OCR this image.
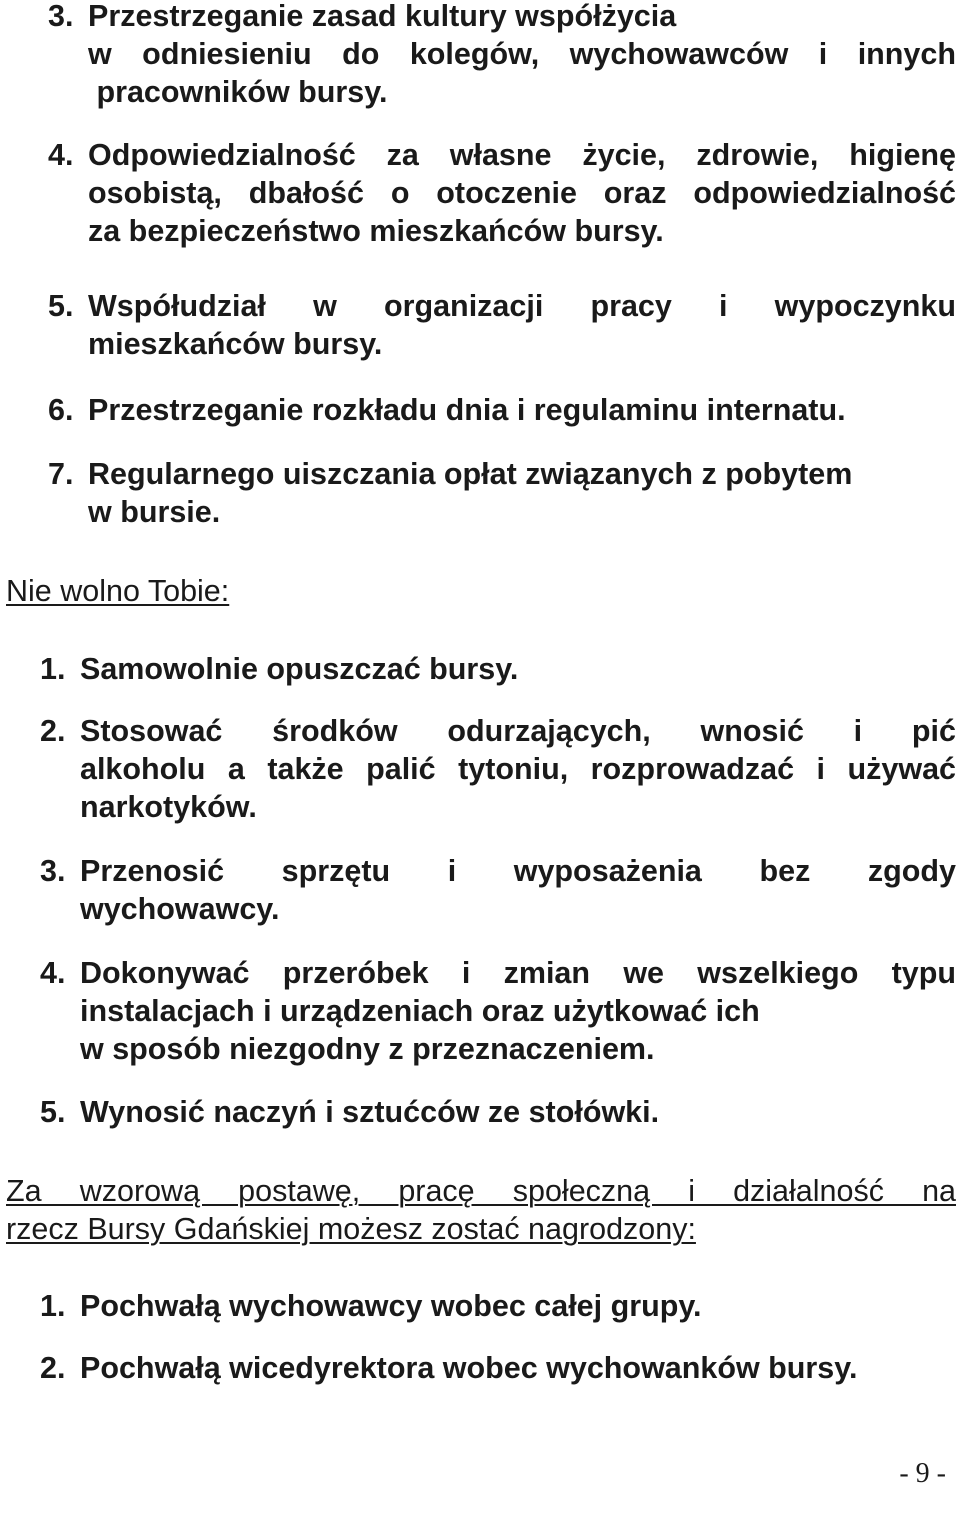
3. Przestrzeganie zasad kultury współżycia
w odniesieniu do kolegów, wychowawców i innych
pracowników bursy.
4. Odpowiedzialność za własne życie, zdrowie, higienę
osobistą, dbałość o otoczenie oraz odpowiedzialność
za bezpieczeństwo mieszkańców bursy.
5. Współudział w organizacji pracy i wypoczynku
mieszkańców bursy.
6. Przestrzeganie rozkładu dnia i regulaminu internatu.
7. Regularnego uiszczania opłat związanych z pobytem
w bursie.

Nie wolno Tobie:

1. Samowolnie opuszczać bursy.
2. Stosować środków odurzających, wnosić i pić
alkoholu a także palić tytoniu, rozprowadzać i używać
narkotyków.
3. Przenosić sprzętu i wyposażenia bez zgody
wychowawcy.
4. Dokonywać przeróbek i zmian we wszelkiego typu
instalacjach i urządzeniach oraz użytkować ich
w sposób niezgodny z przeznaczeniem.
5. Wynosić naczyń i sztućców ze stołówki.

Za wzorową postawę, pracę społeczną i działalność na
rzecz Bursy Gdańskiej możesz zostać nagrodzony:

1. Pochwałą wychowawcy wobec całej grupy.
2. Pochwałą wicedyrektora wobec wychowanków bursy.
- 9 -
